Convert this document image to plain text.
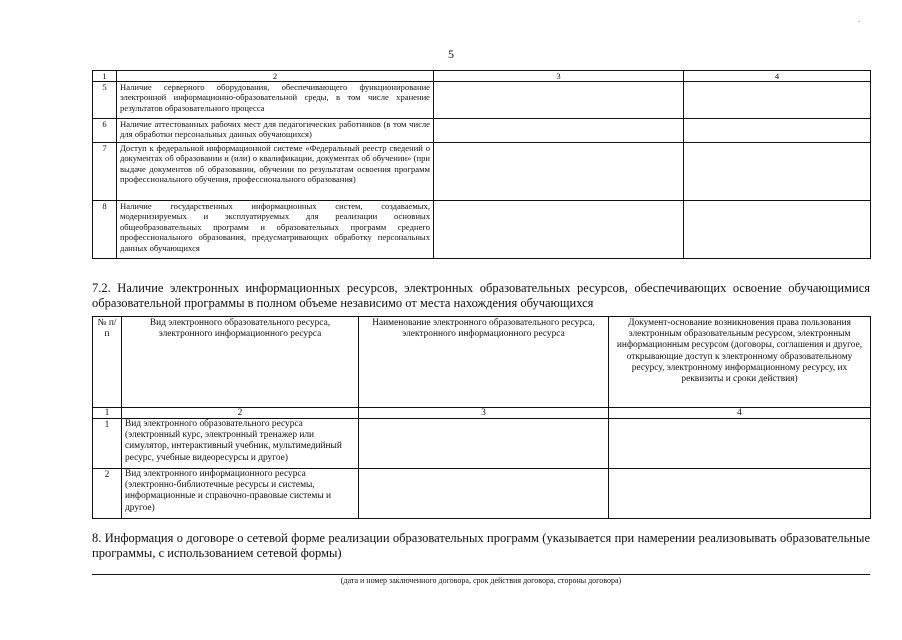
.
5
1	2	3	4
5	Наличие серверного оборудования, обеспечивающего функционирование электронной информационно-образовательной среды, в том числе хранение результатов образовательного процесса		
6	Наличие аттестованных рабочих мест для педагогических работников (в том числе для обработки персональных данных обучающихся)		
7	Доступ к федеральной информационной системе «Федеральный реестр сведений о документах об образовании и (или) о квалификации, документах об обучении» (при выдаче документов об образовании, обучении по результатам освоения программ профессионального обучения, профессионального образования)		
8	Наличие государственных информационных систем, создаваемых, модернизируемых и эксплуатируемых для реализации основных общеобразовательных программ и образовательных программ среднего профессионального образования, предусматривающих обработку персональных данных обучающихся		
7.2. Наличие электронных информационных ресурсов, электронных образовательных ресурсов, обеспечивающих освоение обучающимися образовательной программы в полном объеме независимо от места нахождения обучающихся
№ п/п	Вид электронного образовательного ресурса, электронного информационного ресурса	Наименование электронного образовательного ресурса, электронного информационного ресурса	Документ-основание возникновения права пользования электронным образовательным ресурсом, электронным информационным ресурсом (договоры, соглашения и другое, открывающие доступ к электронному образовательному ресурсу, электронному информационному ресурсу, их реквизиты и сроки действия)
1	2	3	4
1	Вид электронного образовательного ресурса (электронный курс, электронный тренажер или симулятор, интерактивный учебник, мультимедийный ресурс, учебные видеоресурсы и другое)		
2	Вид электронного информационного ресурса (электронно-библиотечные ресурсы и системы, информационные и справочно-правовые системы и другое)		
8. Информация о договоре о сетевой форме реализации образовательных программ (указывается при намерении реализовывать образовательные программы, с использованием сетевой формы)
(дата и номер заключенного договора, срок действия договора, стороны договора)
